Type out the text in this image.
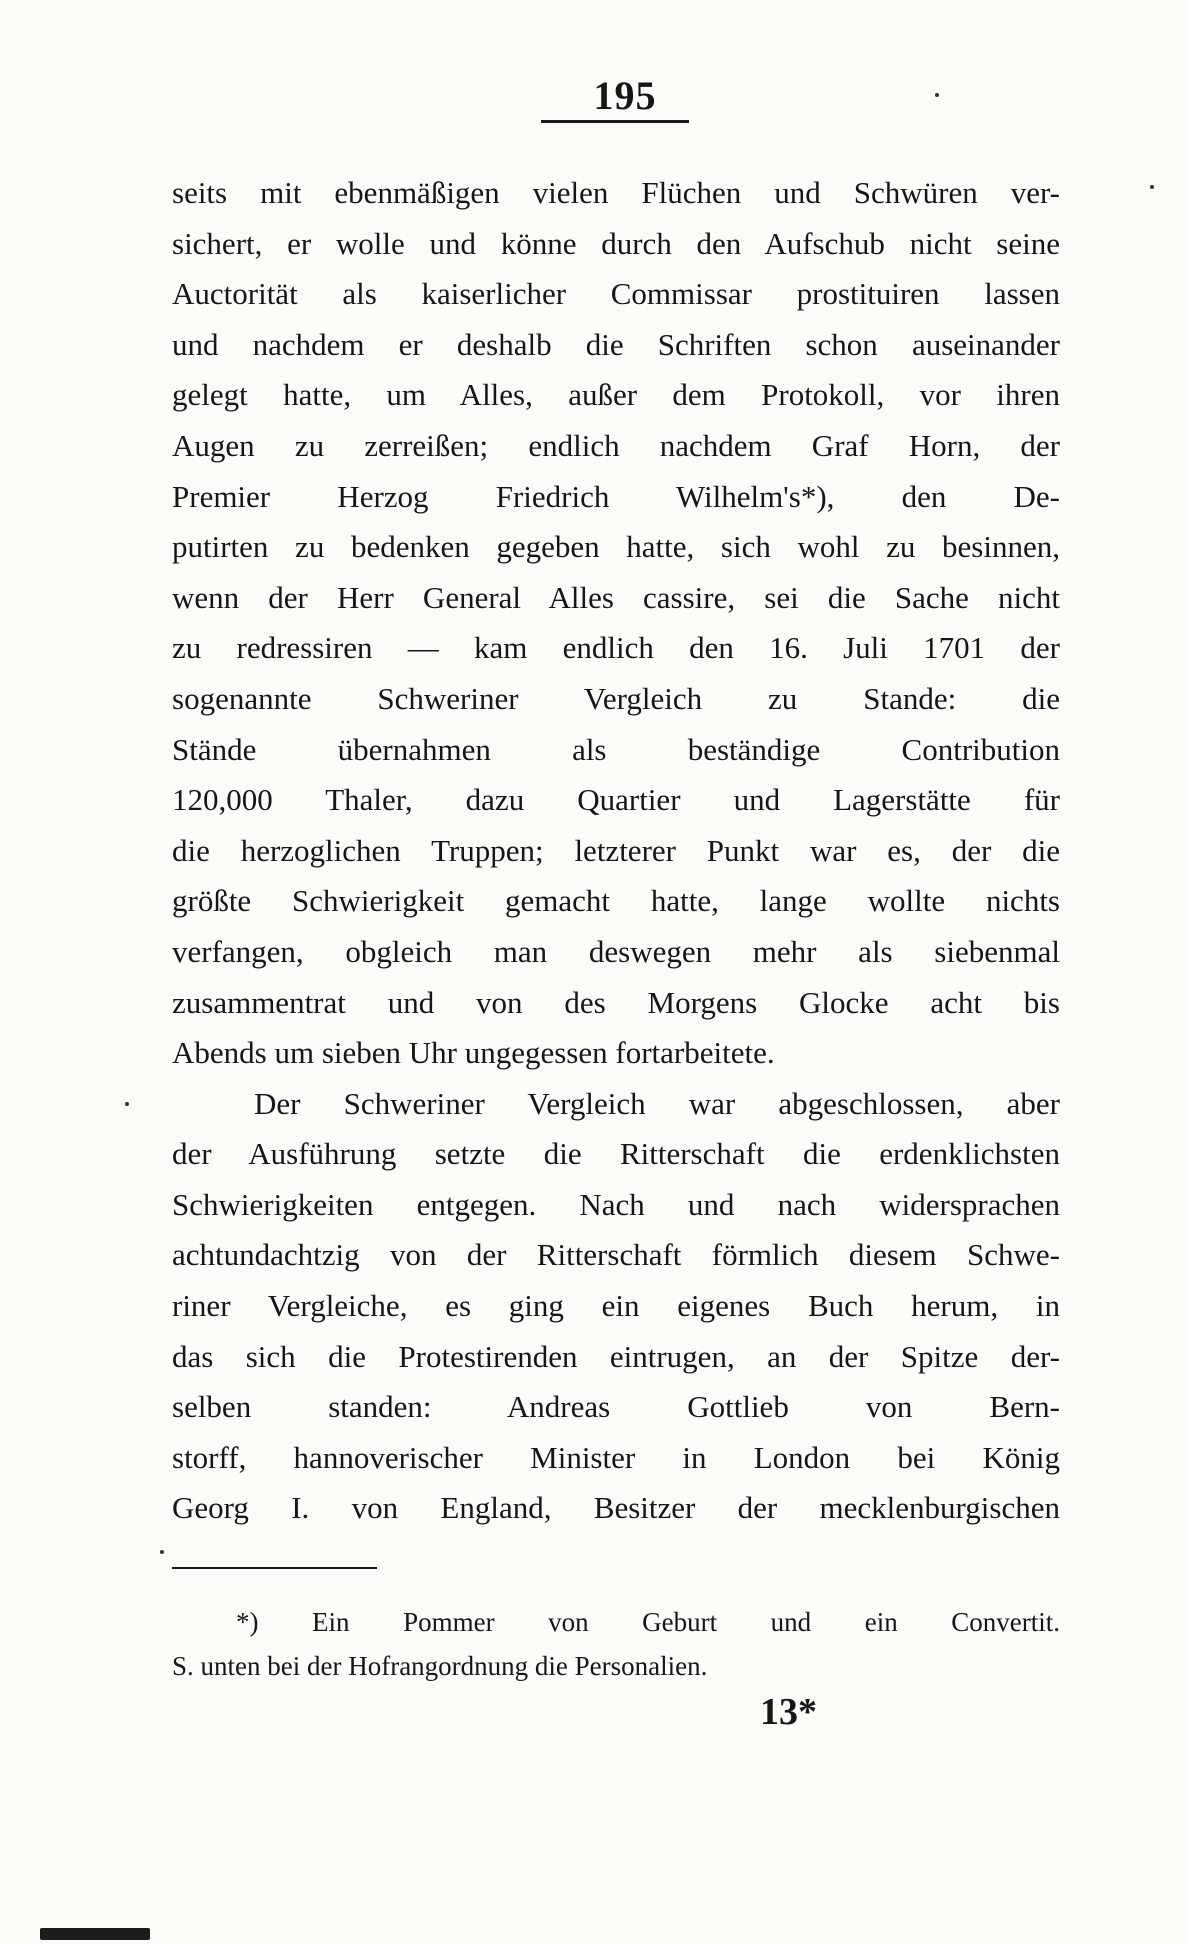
195
seits mit ebenmäßigen vielen Flüchen und Schwüren ver-
sichert, er wolle und könne durch den Aufschub nicht seine
Auctorität als kaiserlicher Commissar prostituiren lassen
und nachdem er deshalb die Schriften schon auseinander
gelegt hatte, um Alles, außer dem Protokoll, vor ihren
Augen zu zerreißen; endlich nachdem Graf Horn, der
Premier Herzog Friedrich Wilhelm's*), den De-
putirten zu bedenken gegeben hatte, sich wohl zu besinnen,
wenn der Herr General Alles cassire, sei die Sache nicht
zu redressiren — kam endlich den 16. Juli 1701 der
sogenannte Schweriner Vergleich zu Stande: die
Stände übernahmen als beständige Contribution
120,000 Thaler, dazu Quartier und Lagerstätte für
die herzoglichen Truppen; letzterer Punkt war es, der die
größte Schwierigkeit gemacht hatte, lange wollte nichts
verfangen, obgleich man deswegen mehr als siebenmal
zusammentrat und von des Morgens Glocke acht bis
Abends um sieben Uhr ungegessen fortarbeitete.
Der Schweriner Vergleich war abgeschlossen, aber
der Ausführung setzte die Ritterschaft die erdenklichsten
Schwierigkeiten entgegen. Nach und nach widersprachen
achtundachtzig von der Ritterschaft förmlich diesem Schwe-
riner Vergleiche, es ging ein eigenes Buch herum, in
das sich die Protestirenden eintrugen, an der Spitze der-
selben standen: Andreas Gottlieb von Bern-
storff, hannoverischer Minister in London bei König
Georg I. von England, Besitzer der mecklenburgischen
*) Ein Pommer von Geburt und ein Convertit.
S. unten bei der Hofrangordnung die Personalien.
13*
